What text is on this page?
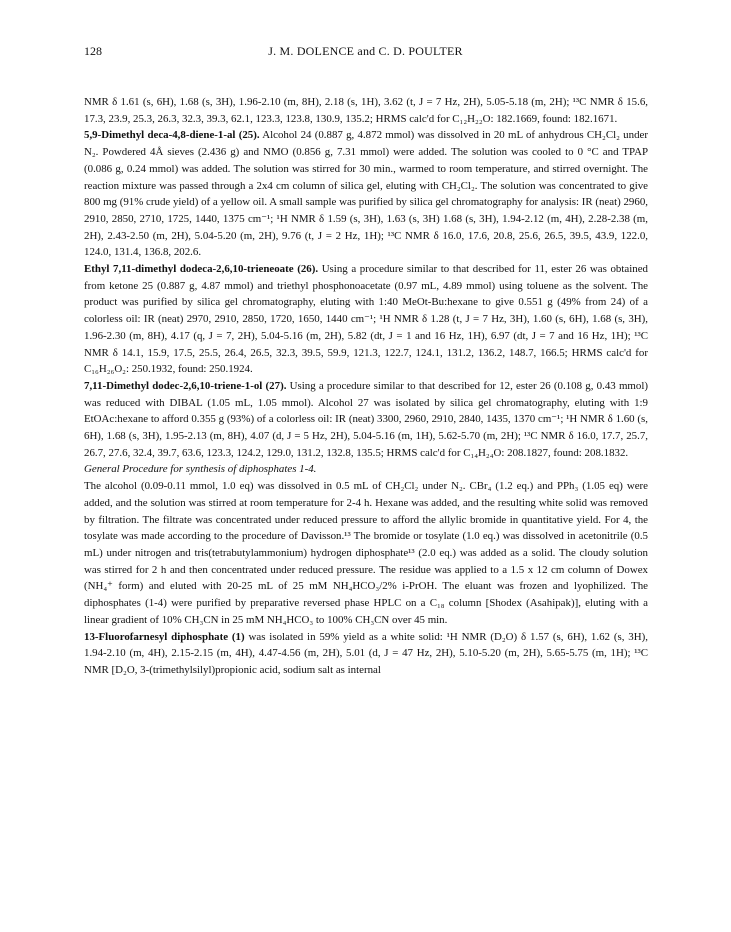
128	J. M. DOLENCE and C. D. POULTER

NMR δ 1.61 (s, 6H), 1.68 (s, 3H), 1.96-2.10 (m, 8H), 2.18 (s, 1H), 3.62 (t, J = 7 Hz, 2H), 5.05-5.18 (m, 2H); ¹³C NMR δ 15.6, 17.3, 23.9, 25.3, 26.3, 32.3, 39.3, 62.1, 123.3, 123.8, 130.9, 135.2; HRMS calc'd for C₁₂H₂₂O: 182.1669, found: 182.1671.

5,9-Dimethyl deca-4,8-diene-1-al (25). Alcohol 24 (0.887 g, 4.872 mmol) was dissolved in 20 mL of anhydrous CH₂Cl₂ under N₂. Powdered 4Å sieves (2.436 g) and NMO (0.856 g, 7.31 mmol) were added. The solution was cooled to 0 °C and TPAP (0.086 g, 0.24 mmol) was added. The solution was stirred for 30 min., warmed to room temperature, and stirred overnight. The reaction mixture was passed through a 2x4 cm column of silica gel, eluting with CH₂Cl₂. The solution was concentrated to give 800 mg (91% crude yield) of a yellow oil. A small sample was purified by silica gel chromatography for analysis: IR (neat) 2960, 2910, 2850, 2710, 1725, 1440, 1375 cm⁻¹; ¹H NMR δ 1.59 (s, 3H), 1.63 (s, 3H) 1.68 (s, 3H), 1.94-2.12 (m, 4H), 2.28-2.38 (m, 2H), 2.43-2.50 (m, 2H), 5.04-5.20 (m, 2H), 9.76 (t, J = 2 Hz, 1H); ¹³C NMR δ 16.0, 17.6, 20.8, 25.6, 26.5, 39.5, 43.9, 122.0, 124.0, 131.4, 136.8, 202.6.

Ethyl 7,11-dimethyl dodeca-2,6,10-trieneoate (26). Using a procedure similar to that described for 11, ester 26 was obtained from ketone 25 (0.887 g, 4.87 mmol) and triethyl phosphonoacetate (0.97 mL, 4.89 mmol) using toluene as the solvent. The product was purified by silica gel chromatography, eluting with 1:40 MeOt-Bu:hexane to give 0.551 g (49% from 24) of a colorless oil: IR (neat) 2970, 2910, 2850, 1720, 1650, 1440 cm⁻¹; ¹H NMR δ 1.28 (t, J = 7 Hz, 3H), 1.60 (s, 6H), 1.68 (s, 3H), 1.96-2.30 (m, 8H), 4.17 (q, J = 7, 2H), 5.04-5.16 (m, 2H), 5.82 (dt, J = 1 and 16 Hz, 1H), 6.97 (dt, J = 7 and 16 Hz, 1H); ¹³C NMR δ 14.1, 15.9, 17.5, 25.5, 26.4, 26.5, 32.3, 39.5, 59.9, 121.3, 122.7, 124.1, 131.2, 136.2, 148.7, 166.5; HRMS calc'd for C₁₆H₂₆O₂: 250.1932, found: 250.1924.

7,11-Dimethyl dodec-2,6,10-triene-1-ol (27). Using a procedure similar to that described for 12, ester 26 (0.108 g, 0.43 mmol) was reduced with DIBAL (1.05 mL, 1.05 mmol). Alcohol 27 was isolated by silica gel chromatography, eluting with 1:9 EtOAc:hexane to afford 0.355 g (93%) of a colorless oil: IR (neat) 3300, 2960, 2910, 2840, 1435, 1370 cm⁻¹; ¹H NMR δ 1.60 (s, 6H), 1.68 (s, 3H), 1.95-2.13 (m, 8H), 4.07 (d, J = 5 Hz, 2H), 5.04-5.16 (m, 1H), 5.62-5.70 (m, 2H); ¹³C NMR δ 16.0, 17.7, 25.7, 26.7, 27.6, 32.4, 39.7, 63.6, 123.3, 124.2, 129.0, 131.2, 132.8, 135.5; HRMS calc'd for C₁₄H₂₄O: 208.1827, found: 208.1832.

General Procedure for synthesis of diphosphates 1-4.

The alcohol (0.09-0.11 mmol, 1.0 eq) was dissolved in 0.5 mL of CH₂Cl₂ under N₂. CBr₄ (1.2 eq.) and PPh₃ (1.05 eq) were added, and the solution was stirred at room temperature for 2-4 h. Hexane was added, and the resulting white solid was removed by filtration. The filtrate was concentrated under reduced pressure to afford the allylic bromide in quantitative yield. For 4, the tosylate was made according to the procedure of Davisson.¹³ The bromide or tosylate (1.0 eq.) was dissolved in acetonitrile (0.5 mL) under nitrogen and tris(tetrabutylammonium) hydrogen diphosphate¹³ (2.0 eq.) was added as a solid. The cloudy solution was stirred for 2 h and then concentrated under reduced pressure. The residue was applied to a 1.5 x 12 cm column of Dowex (NH₄⁺ form) and eluted with 20-25 mL of 25 mM NH₄HCO₃/2% i-PrOH. The eluant was frozen and lyophilized. The diphosphates (1-4) were purified by preparative reversed phase HPLC on a C₁₈ column [Shodex (Asahipak)], eluting with a linear gradient of 10% CH₃CN in 25 mM NH₄HCO₃ to 100% CH₃CN over 45 min.

13-Fluorofarnesyl diphosphate (1) was isolated in 59% yield as a white solid: ¹H NMR (D₂O) δ 1.57 (s, 6H), 1.62 (s, 3H), 1.94-2.10 (m, 4H), 2.15-2.15 (m, 4H), 4.47-4.56 (m, 2H), 5.01 (d, J = 47 Hz, 2H), 5.10-5.20 (m, 2H), 5.65-5.75 (m, 1H); ¹³C NMR [D₂O, 3-(trimethylsilyl)propionic acid, sodium salt as internal
